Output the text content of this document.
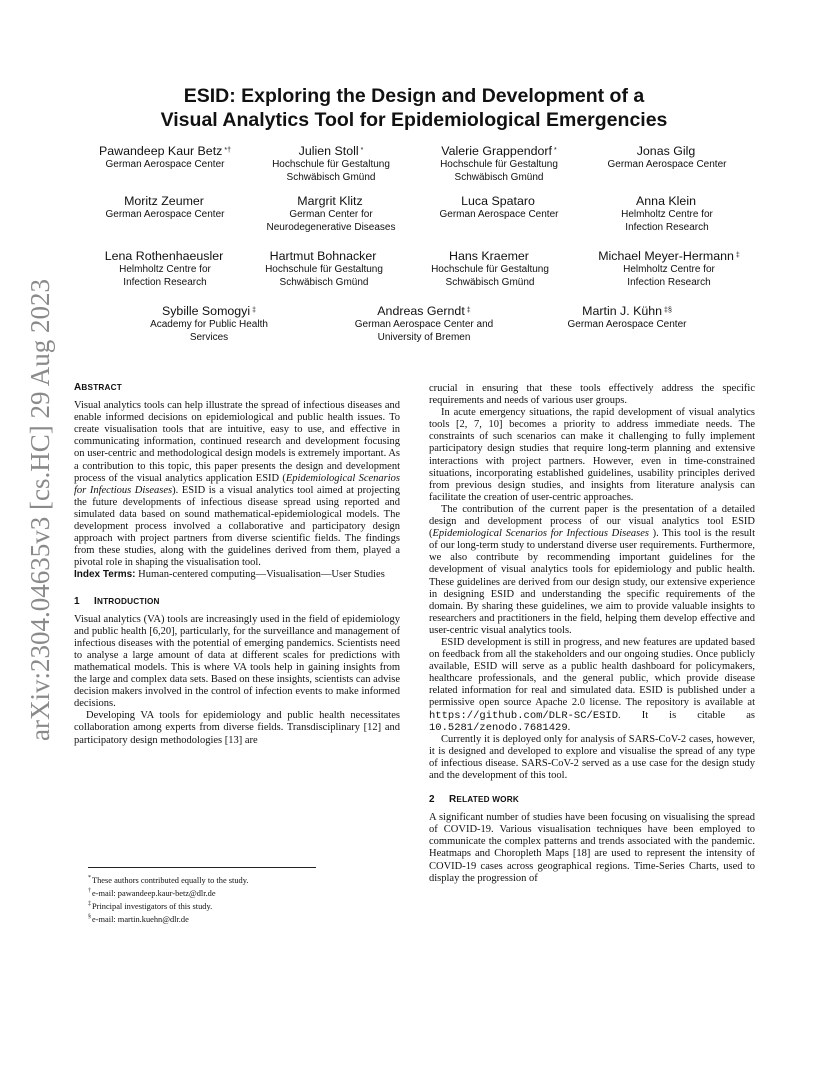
arXiv:2304.04635v3 [cs.HC] 29 Aug 2023
ESID: Exploring the Design and Development of a
Visual Analytics Tool for Epidemiological Emergencies
Pawandeep Kaur Betz *†
German Aerospace Center
Julien Stoll *
Hochschule für Gestaltung
Schwäbisch Gmünd
Valerie Grappendorf *
Hochschule für Gestaltung
Schwäbisch Gmünd
Jonas Gilg
German Aerospace Center
Moritz Zeumer
German Aerospace Center
Margrit Klitz
German Center for
Neurodegenerative Diseases
Luca Spataro
German Aerospace Center
Anna Klein
Helmholtz Centre for
Infection Research
Lena Rothenhaeusler
Helmholtz Centre for
Infection Research
Hartmut Bohnacker
Hochschule für Gestaltung
Schwäbisch Gmünd
Hans Kraemer
Hochschule für Gestaltung
Schwäbisch Gmünd
Michael Meyer-Hermann ‡
Helmholtz Centre for
Infection Research
Sybille Somogyi ‡
Academy for Public Health
Services
Andreas Gerndt ‡
German Aerospace Center and
University of Bremen
Martin J. Kühn ‡§
German Aerospace Center
ABSTRACT

Visual analytics tools can help illustrate the spread of infectious diseases and enable informed decisions on epidemiological and public health issues. To create visualisation tools that are intuitive, easy to use, and effective in communicating information, continued research and development focusing on user-centric and methodological design models is extremely important. As a contribution to this topic, this paper presents the design and development process of the visual analytics application ESID (Epidemiological Scenarios for Infectious Diseases). ESID is a visual analytics tool aimed at projecting the future developments of infectious disease spread using reported and simulated data based on sound mathematical-epidemiological models. The development process involved a collaborative and participatory design approach with project partners from diverse scientific fields. The findings from these studies, along with the guidelines derived from them, played a pivotal role in shaping the visualisation tool.

Index Terms: Human-centered computing—Visualisation—User Studies

1 INTRODUCTION

Visual analytics (VA) tools are increasingly used in the field of epidemiology and public health [6,20], particularly, for the surveillance and management of infectious diseases with the potential of emerging pandemics. Scientists need to analyse a large amount of data at different scales for predictions with mathematical models. This is where VA tools help in gaining insights from the large and complex data sets. Based on these insights, scientists can advise decision makers involved in the control of infection events to make informed decisions.

Developing VA tools for epidemiology and public health necessitates collaboration among experts from diverse fields. Transdisciplinary [12] and participatory design methodologies [13] are

*These authors contributed equally to the study.
†e-mail: pawandeep.kaur-betz@dlr.de
‡Principal investigators of this study.
§e-mail: martin.kuehn@dlr.de

crucial in ensuring that these tools effectively address the specific requirements and needs of various user groups.

In acute emergency situations, the rapid development of visual analytics tools [2, 7, 10] becomes a priority to address immediate needs. The constraints of such scenarios can make it challenging to fully implement participatory design studies that require long-term planning and extensive interactions with project partners. However, even in time-constrained situations, incorporating established guidelines, usability principles derived from previous design studies, and insights from literature analysis can facilitate the creation of user-centric approaches.

The contribution of the current paper is the presentation of a detailed design and development process of our visual analytics tool ESID (Epidemiological Scenarios for Infectious Diseases ). This tool is the result of our long-term study to understand diverse user requirements. Furthermore, we also contribute by recommending important guidelines for the development of visual analytics tools for epidemiology and public health. These guidelines are derived from our design study, our extensive experience in designing ESID and understanding the specific requirements of the domain. By sharing these guidelines, we aim to provide valuable insights to researchers and practitioners in the field, helping them develop effective and user-centric visual analytics tools.

ESID development is still in progress, and new features are updated based on feedback from all the stakeholders and our ongoing studies. Once publicly available, ESID will serve as a public health dashboard for policymakers, healthcare professionals, and the general public, which provide disease related information for real and simulated data. ESID is published under a permissive open source Apache 2.0 license. The repository is available at https://github.com/DLR-SC/ESID. It is citable as 10.5281/zenodo.7681429.

Currently it is deployed only for analysis of SARS-CoV-2 cases, however, it is designed and developed to explore and visualise the spread of any type of infectious disease. SARS-CoV-2 served as a use case for the design study and the development of this tool.

2 RELATED WORK

A significant number of studies have been focusing on visualising the spread of COVID-19. Various visualisation techniques have been employed to communicate the complex patterns and trends associated with the pandemic. Heatmaps and Choropleth Maps [18] are used to represent the intensity of COVID-19 cases across geographical regions. Time-Series Charts, used to display the progression of
